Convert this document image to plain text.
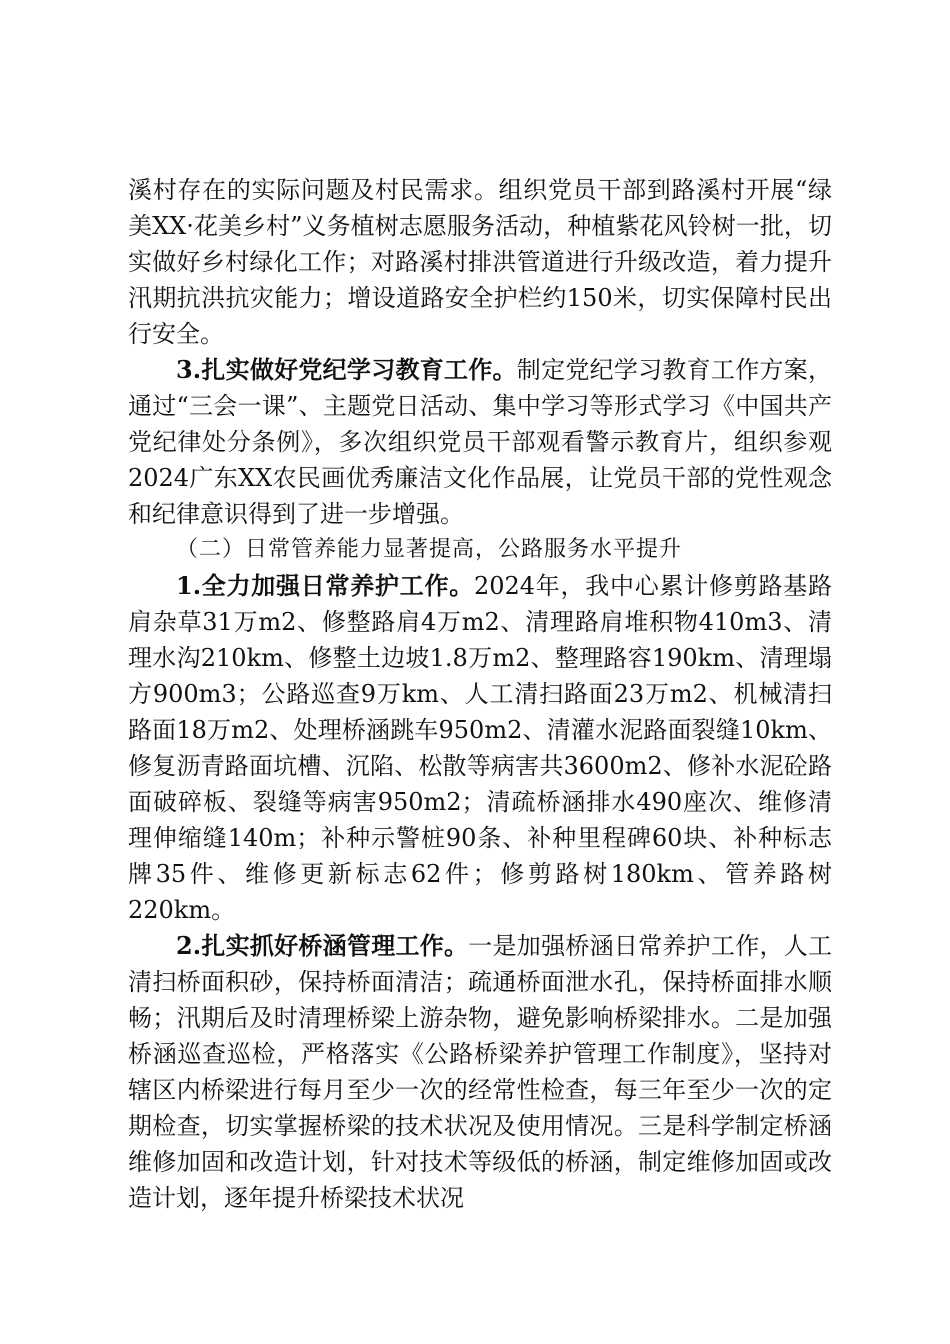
溪村存在的实际问题及村民需求。组织党员干部到路溪村开展“绿美XX·花美乡村”义务植树志愿服务活动，种植紫花风铃树一批，切实做好乡村绿化工作；对路溪村排洪管道进行升级改造，着力提升汛期抗洪抗灾能力；增设道路安全护栏约150米，切实保障村民出行安全。

3.扎实做好党纪学习教育工作。制定党纪学习教育工作方案，通过“三会一课”、主题党日活动、集中学习等形式学习《中国共产党纪律处分条例》，多次组织党员干部观看警示教育片，组织参观2024广东XX农民画优秀廉洁文化作品展，让党员干部的党性观念和纪律意识得到了进一步增强。

（二）日常管养能力显著提高，公路服务水平提升

1.全力加强日常养护工作。2024年，我中心累计修剪路基路肩杂草31万m2、修整路肩4万m2、清理路肩堆积物410m3、清理水沟210km、修整土边坡1.8万m2、整理路容190km、清理塌方900m3；公路巡查9万km、人工清扫路面23万m2、机械清扫路面18万m2、处理桥涵跳车950m2、清灌水泥路面裂缝10km、修复沥青路面坑槽、沉陷、松散等病害共3600m2、修补水泥砼路面破碎板、裂缝等病害950m2；清疏桥涵排水490座次、维修清理伸缩缝140m；补种示警桩90条、补种里程碑60块、补种标志牌35件、维修更新标志62件；修剪路树180km、管养路树220km。

2.扎实抓好桥涵管理工作。一是加强桥涵日常养护工作，人工清扫桥面积砂，保持桥面清洁；疏通桥面泄水孔，保持桥面排水顺畅；汛期后及时清理桥梁上游杂物，避免影响桥梁排水。二是加强桥涵巡查巡检，严格落实《公路桥梁养护管理工作制度》，坚持对辖区内桥梁进行每月至少一次的经常性检查，每三年至少一次的定期检查，切实掌握桥梁的技术状况及使用情况。三是科学制定桥涵维修加固和改造计划，针对技术等级低的桥涵，制定维修加固或改造计划，逐年提升桥梁技术状况
